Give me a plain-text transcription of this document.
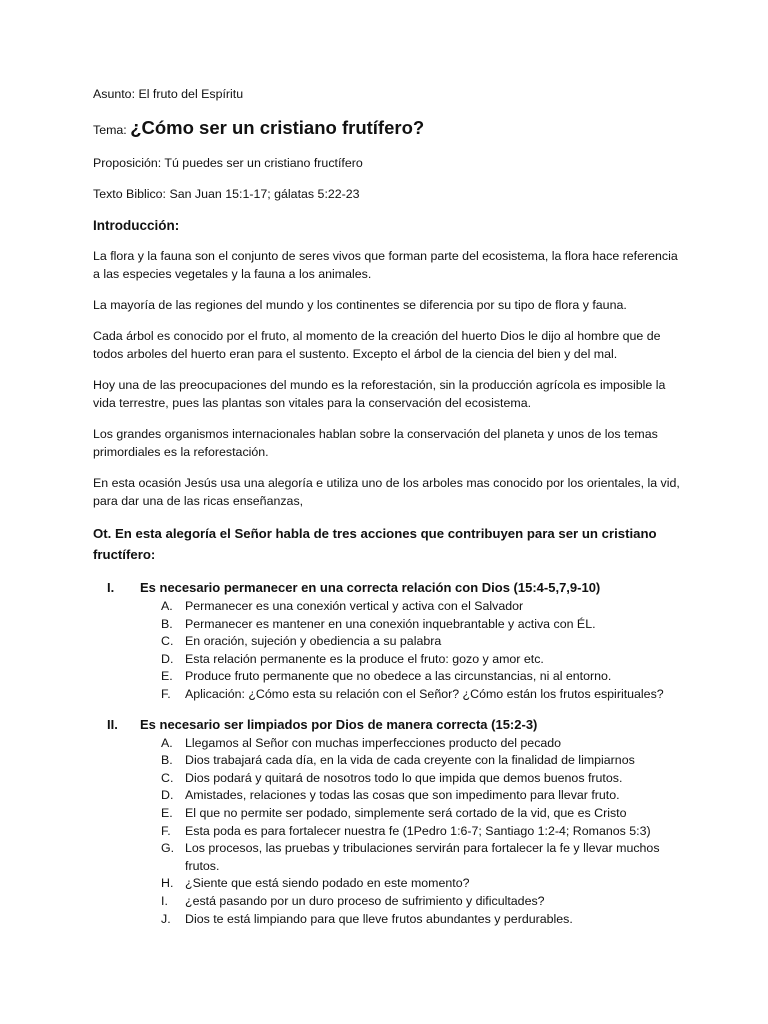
Asunto: El fruto del Espíritu

Tema: ¿Cómo ser un cristiano frutífero?

Proposición: Tú puedes ser un cristiano fructífero

Texto Biblico: San Juan 15:1-17; gálatas 5:22-23

Introducción:

La flora y la fauna son el conjunto de seres vivos que forman parte del ecosistema, la flora hace referencia a las especies vegetales y la fauna a los animales.

La mayoría de las regiones del mundo y los continentes se diferencia por su tipo de flora y fauna.

Cada árbol es conocido por el fruto, al momento de la creación del huerto Dios le dijo al hombre que de todos arboles del huerto eran para el sustento. Excepto el árbol de la ciencia del bien y del mal.

Hoy una de las preocupaciones del mundo es la reforestación, sin la producción agrícola es imposible la vida terrestre, pues las plantas son vitales para la conservación del ecosistema.

Los grandes organismos internacionales hablan sobre la conservación del planeta y unos de los temas primordiales es la reforestación.

En esta ocasión Jesús usa una alegoría e utiliza uno de los arboles mas conocido por los orientales, la vid, para dar una de las ricas enseñanzas,

Ot. En esta alegoría el Señor habla de tres acciones que contribuyen para ser un cristiano fructífero:

I.	Es necesario permanecer en una correcta relación con Dios (15:4-5,7,9-10)
A. Permanecer es una conexión vertical y activa con el Salvador
B. Permanecer es mantener en una conexión inquebrantable y activa con ÉL.
C. En oración, sujeción y obediencia a su palabra
D. Esta relación permanente es la produce el fruto: gozo y amor etc.
E. Produce fruto permanente que no obedece a las circunstancias, ni al entorno.
F.	Aplicación: ¿Cómo esta su relación con el Señor? ¿Cómo están los frutos espirituales?
II.	Es necesario ser limpiados por Dios de manera correcta (15:2-3)
A. Llegamos al Señor con muchas imperfecciones producto del pecado
B. Dios trabajará cada día, en la vida de cada creyente con la finalidad de limpiarnos
C. Dios podará y quitará de nosotros todo lo que impida que demos buenos frutos.
D. Amistades, relaciones y todas las cosas que son impedimento para llevar fruto.
E. El que no permite ser podado, simplemente será cortado de la vid, que es Cristo
F.	Esta poda es para fortalecer nuestra fe (1Pedro 1:6-7; Santiago 1:2-4; Romanos 5:3)
G. Los procesos, las pruebas y tribulaciones servirán para fortalecer la fe y llevar muchos frutos.
H. ¿Siente que está siendo podado en este momento?
I.	¿está pasando por un duro proceso de sufrimiento y dificultades?
J.	Dios te está limpiando para que lleve frutos abundantes y perdurables.
